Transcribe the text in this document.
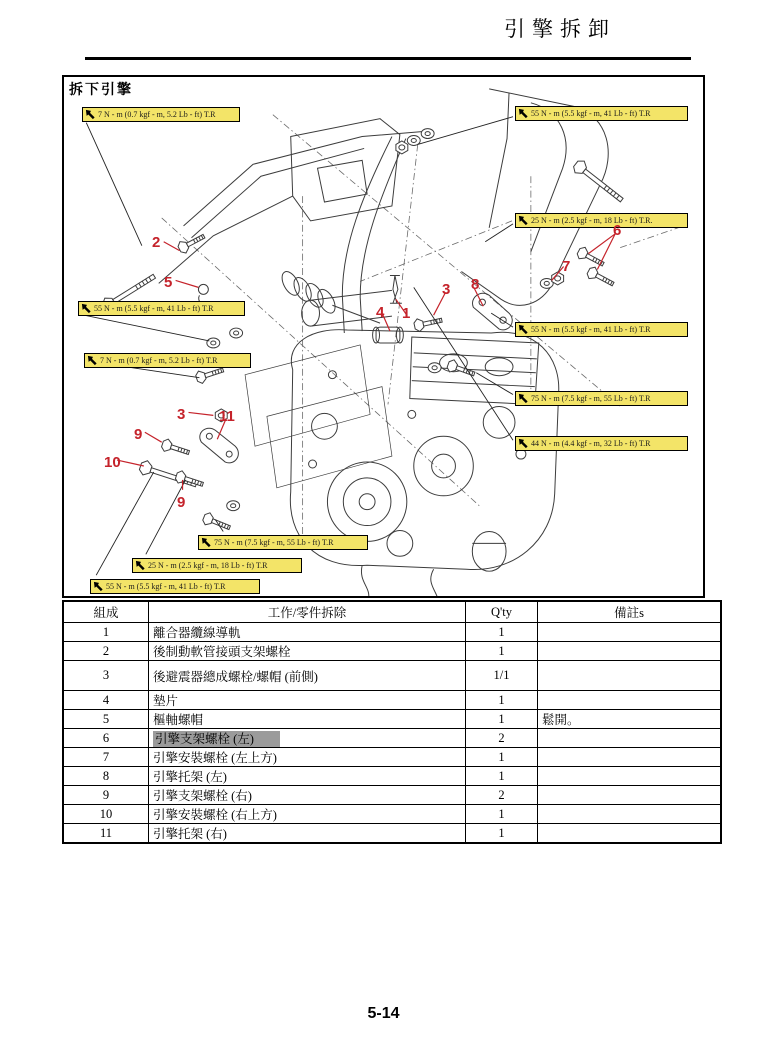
引擎拆卸
拆下引擎
7 N - m (0.7 kgf - m, 5.2 Lb - ft) T.R	55 N - m (5.5 kgf - m, 41 Lb - ft) T.R
25 N - m (2.5 kgf - m, 18 Lb - ft) T.R.
55 N - m (5.5 kgf - m, 41 Lb - ft) T.R
7 N - m (0.7 kgf - m, 5.2 Lb - ft) T.R
55 N - m (5.5 kgf - m, 41 Lb - ft) T.R
75 N - m (7.5 kgf - m, 55 Lb - ft) T.R
44 N - m (4.4 kgf - m, 32 Lb - ft) T.R
75 N - m (7.5 kgf - m, 55 Lb - ft) T.R
25 N - m (2.5 kgf - m, 18 Lb - ft) T.R
55 N - m (5.5 kgf - m, 41 Lb - ft) T.R
2
5
4 1
3 8
6
7
3 11
9
10
9
組成	工作/零件拆除	Q'ty	備註s
1	離合器纜線導軌	1	
2	後制動軟管接頭支架螺栓	1	
3	後避震器總成螺栓/螺帽 (前側)	1/1	
4	墊片	1	
5	樞軸螺帽	1	鬆開。
6	引擎支架螺栓 (左)	2	
7	引擎安裝螺栓 (左上方)	1	
8	引擎托架 (左)	1	
9	引擎支架螺栓 (右)	2	
10	引擎安裝螺栓 (右上方)	1	
11	引擎托架 (右)	1	
5-14
